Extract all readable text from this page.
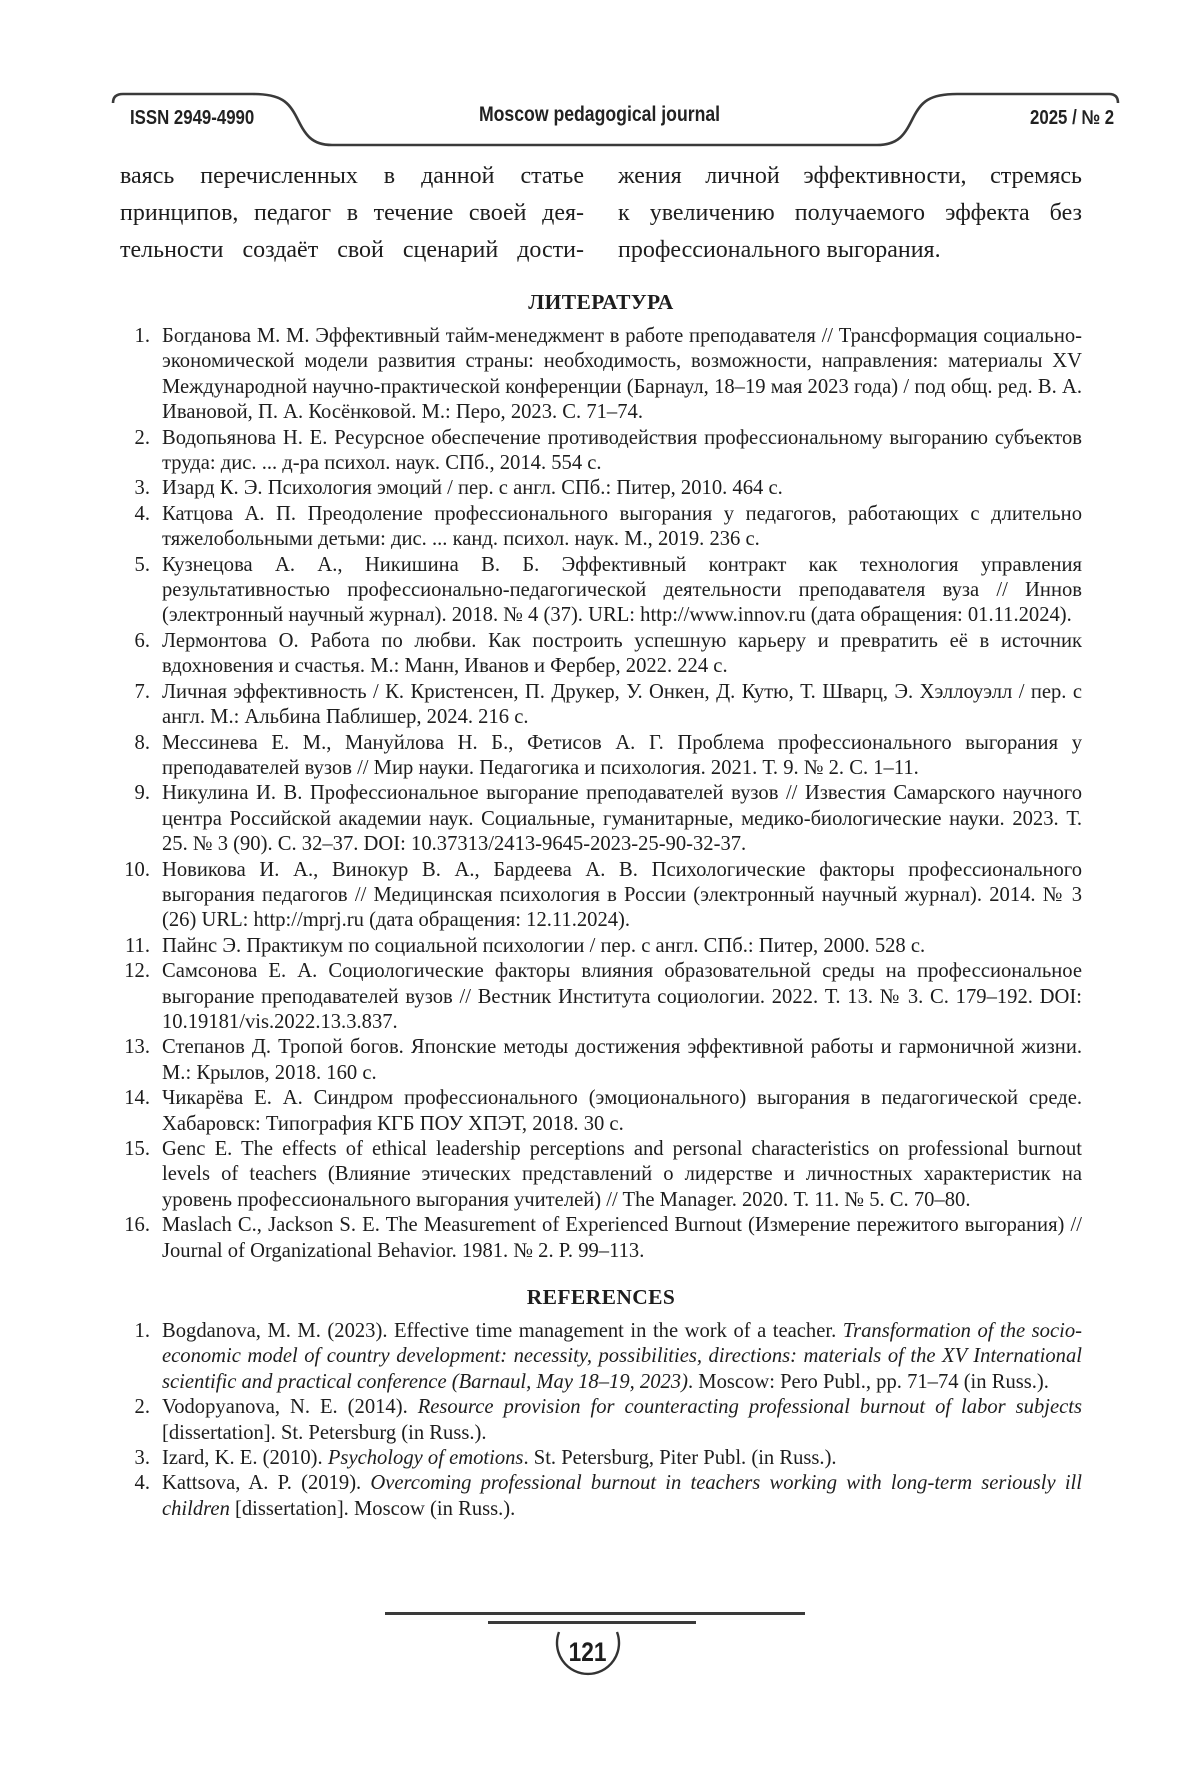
ISSN 2949-4990	Moscow pedagogical journal	2025 / № 2
ваясь перечисленных в данной статье
принципов, педагог в течение своей дея-
тельности создаёт свой сценарий дости-
жения личной эффективности, стремясь
к увеличению получаемого эффекта без
профессионального выгорания.
ЛИТЕРАТУРА
1. Богданова М. М. Эффективный тайм-менеджмент в работе преподавателя // Трансформация социально-экономической модели развития страны: необходимость, возможности, направления: материалы XV Международной научно-практической конференции (Барнаул, 18–19 мая 2023 года) / под общ. ред. В. А. Ивановой, П. А. Косёнковой. М.: Перо, 2023. С. 71–74.
2. Водопьянова Н. Е. Ресурсное обеспечение противодействия профессиональному выгоранию субъектов труда: дис. ... д-ра психол. наук. СПб., 2014. 554 с.
3. Изард К. Э. Психология эмоций / пер. с англ. СПб.: Питер, 2010. 464 с.
4. Катцова А. П. Преодоление профессионального выгорания у педагогов, работающих с длительно тяжелобольными детьми: дис. ... канд. психол. наук. М., 2019. 236 с.
5. Кузнецова А. А., Никишина В. Б. Эффективный контракт как технология управления результативностью профессионально-педагогической деятельности преподавателя вуза // Иннов (электронный научный журнал). 2018. № 4 (37). URL: http://www.innov.ru (дата обращения: 01.11.2024).
6. Лермонтова О. Работа по любви. Как построить успешную карьеру и превратить её в источник вдохновения и счастья. М.: Манн, Иванов и Фербер, 2022. 224 с.
7. Личная эффективность / К. Кристенсен, П. Друкер, У. Онкен, Д. Кутю, Т. Шварц, Э. Хэллоуэлл / пер. с англ. М.: Альбина Паблишер, 2024. 216 с.
8. Мессинева Е. М., Мануйлова Н. Б., Фетисов А. Г. Проблема профессионального выгорания у преподавателей вузов // Мир науки. Педагогика и психология. 2021. Т. 9. № 2. С. 1–11.
9. Никулина И. В. Профессиональное выгорание преподавателей вузов // Известия Самарского научного центра Российской академии наук. Социальные, гуманитарные, медико-биологические науки. 2023. Т. 25. № 3 (90). С. 32–37. DOI: 10.37313/2413-9645-2023-25-90-32-37.
10. Новикова И. А., Винокур В. А., Бардеева А. В. Психологические факторы профессионального выгорания педагогов // Медицинская психология в России (электронный научный журнал). 2014. № 3 (26) URL: http://mprj.ru (дата обращения: 12.11.2024).
11. Пайнс Э. Практикум по социальной психологии / пер. с англ. СПб.: Питер, 2000. 528 с.
12. Самсонова Е. А. Социологические факторы влияния образовательной среды на профессиональное выгорание преподавателей вузов // Вестник Института социологии. 2022. Т. 13. № 3. С. 179–192. DOI: 10.19181/vis.2022.13.3.837.
13. Степанов Д. Тропой богов. Японские методы достижения эффективной работы и гармоничной жизни. М.: Крылов, 2018. 160 с.
14. Чикарёва Е. А. Синдром профессионального (эмоционального) выгорания в педагогической среде. Хабаровск: Типография КГБ ПОУ ХПЭТ, 2018. 30 с.
15. Genc E. The effects of ethical leadership perceptions and personal characteristics on professional burnout levels of teachers (Влияние этических представлений о лидерстве и личностных характеристик на уровень профессионального выгорания учителей) // The Manager. 2020. Т. 11. № 5. С. 70–80.
16. Maslach C., Jackson S. E. The Measurement of Experienced Burnout (Измерение пережитого выгорания) // Journal of Organizational Behavior. 1981. № 2. P. 99–113.
REFERENCES
1. Bogdanova, M. M. (2023). Effective time management in the work of a teacher. Transformation of the socio-economic model of country development: necessity, possibilities, directions: materials of the XV International scientific and practical conference (Barnaul, May 18–19, 2023). Moscow: Pero Publ., pp. 71–74 (in Russ.).
2. Vodopyanova, N. E. (2014). Resource provision for counteracting professional burnout of labor subjects [dissertation]. St. Petersburg (in Russ.).
3. Izard, K. E. (2010). Psychology of emotions. St. Petersburg, Piter Publ. (in Russ.).
4. Kattsova, A. P. (2019). Overcoming professional burnout in teachers working with long-term seriously ill children [dissertation]. Moscow (in Russ.).
121
